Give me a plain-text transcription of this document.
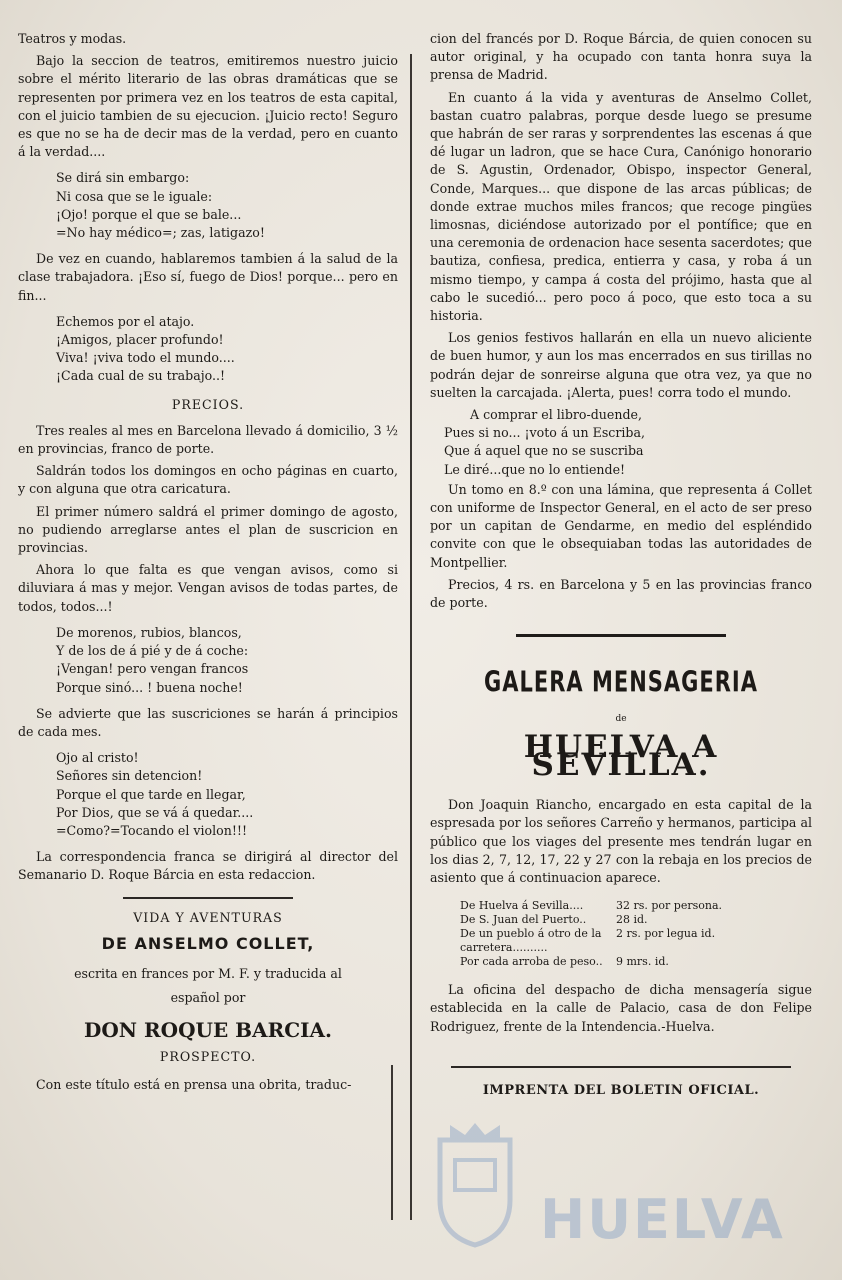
Teatros y modas.

Bajo la seccion de teatros, emitiremos nuestro juicio sobre el mérito literario de las obras dramáticas que se representen por primera vez en los teatros de esta capital, con el juicio tambien de su ejecucion. ¡Juicio recto! Seguro es que no se ha de decir mas de la verdad, pero en cuanto á la verdad....

Se dirá sin embargo:
Ni cosa que se le iguale:
¡Ojo! porque el que se bale...
=No hay médico=; zas, latigazo!

De vez en cuando, hablaremos tambien á la salud de la clase trabajadora. ¡Eso sí, fuego de Dios! porque... pero en fin...

Echemos por el atajo.
¡Amigos, placer profundo!
Viva! ¡viva todo el mundo....
¡Cada cual de su trabajo..!
PRECIOS.

Tres reales al mes en Barcelona llevado á domicilio, 3 ½ en provincias, franco de porte.

Saldrán todos los domingos en ocho páginas en cuarto, y con alguna que otra caricatura.

El primer número saldrá el primer domingo de agosto, no pudiendo arreglarse antes el plan de suscricion en provincias.

Ahora lo que falta es que vengan avisos, como si diluviara á mas y mejor. Vengan avisos de todas partes, de todos, todos...!

De morenos, rubios, blancos,
Y de los de á pié y de á coche:
¡Vengan! pero vengan francos
Porque sinó... ! buena noche!

Se advierte que las suscriciones se harán á principios de cada mes.

Ojo al cristo!
Señores sin detencion!
Porque el que tarde en llegar,
Por Dios, que se vá á quedar....
=Como?=Tocando el violon!!!

La correspondencia franca se dirigirá al director del Semanario D. Roque Bárcia en esta redaccion.

VIDA Y AVENTURAS
DE ANSELMO COLLET,
escrita en frances por M. F. y traducida al
español por
DON ROQUE BARCIA.
PROSPECTO.

Con este título está en prensa una obrita, traduc-

cion del francés por D. Roque Bárcia, de quien conocen su autor original, y ha ocupado con tanta honra suya la prensa de Madrid.

En cuanto á la vida y aventuras de Anselmo Collet, bastan cuatro palabras, porque desde luego se presume que habrán de ser raras y sorprendentes las escenas á que dé lugar un ladron, que se hace Cura, Canónigo honorario de S. Agustin, Ordenador, Obispo, inspector General, Conde, Marques... que dispone de las arcas públicas; de donde extrae muchos miles francos; que recoge pingües limosnas, diciéndose autorizado por el pontífice; que en una ceremonia de ordenacion hace sesenta sacerdotes; que bautiza, confiesa, predica, entierra y casa, y roba á un mismo tiempo, y campa á costa del prójimo, hasta que al cabo le sucedió... pero poco á poco, que esto toca a su historia.

Los genios festivos hallarán en ella un nuevo aliciente de buen humor, y aun los mas encerrados en sus tirillas no podrán dejar de sonreirse alguna que otra vez, ya que no suelten la carcajada. ¡Alerta, pues! corra todo el mundo.

A comprar el libro-duende,
Pues si no... ¡voto á un Escriba,
Que á aquel que no se suscriba
Le diré...que no lo entiende!

Un tomo en 8.º con una lámina, que representa á Collet con uniforme de Inspector General, en el acto de ser preso por un capitan de Gendarme, en medio del espléndido convite con que le obsequiaban todas las autoridades de Montpellier.

Precios, 4 rs. en Barcelona y 5 en las provincias franco de porte.

GALERA MENSAGERIA
de
HUELVA A SEVILLA.

Don Joaquin Riancho, encargado en esta capital de la espresada por los señores Carreño y hermanos, participa al público que los viages del presente mes tendrán lugar en los dias 2, 7, 12, 17, 22 y 27 con la rebaja en los precios de asiento que á continuacion aparece.

De Huelva á Sevilla....	32 rs. por persona.
De S. Juan del Puerto..	28 id.
De un pueblo á otro de la carretera..........	2 rs. por legua id.
Por cada arroba de peso..	9 mrs. id.

La oficina del despacho de dicha mensagería sigue establecida en la calle de Palacio, casa de don Felipe Rodriguez, frente de la Intendencia.-Huelva.

IMPRENTA DEL BOLETIN OFICIAL.
HUELVA
